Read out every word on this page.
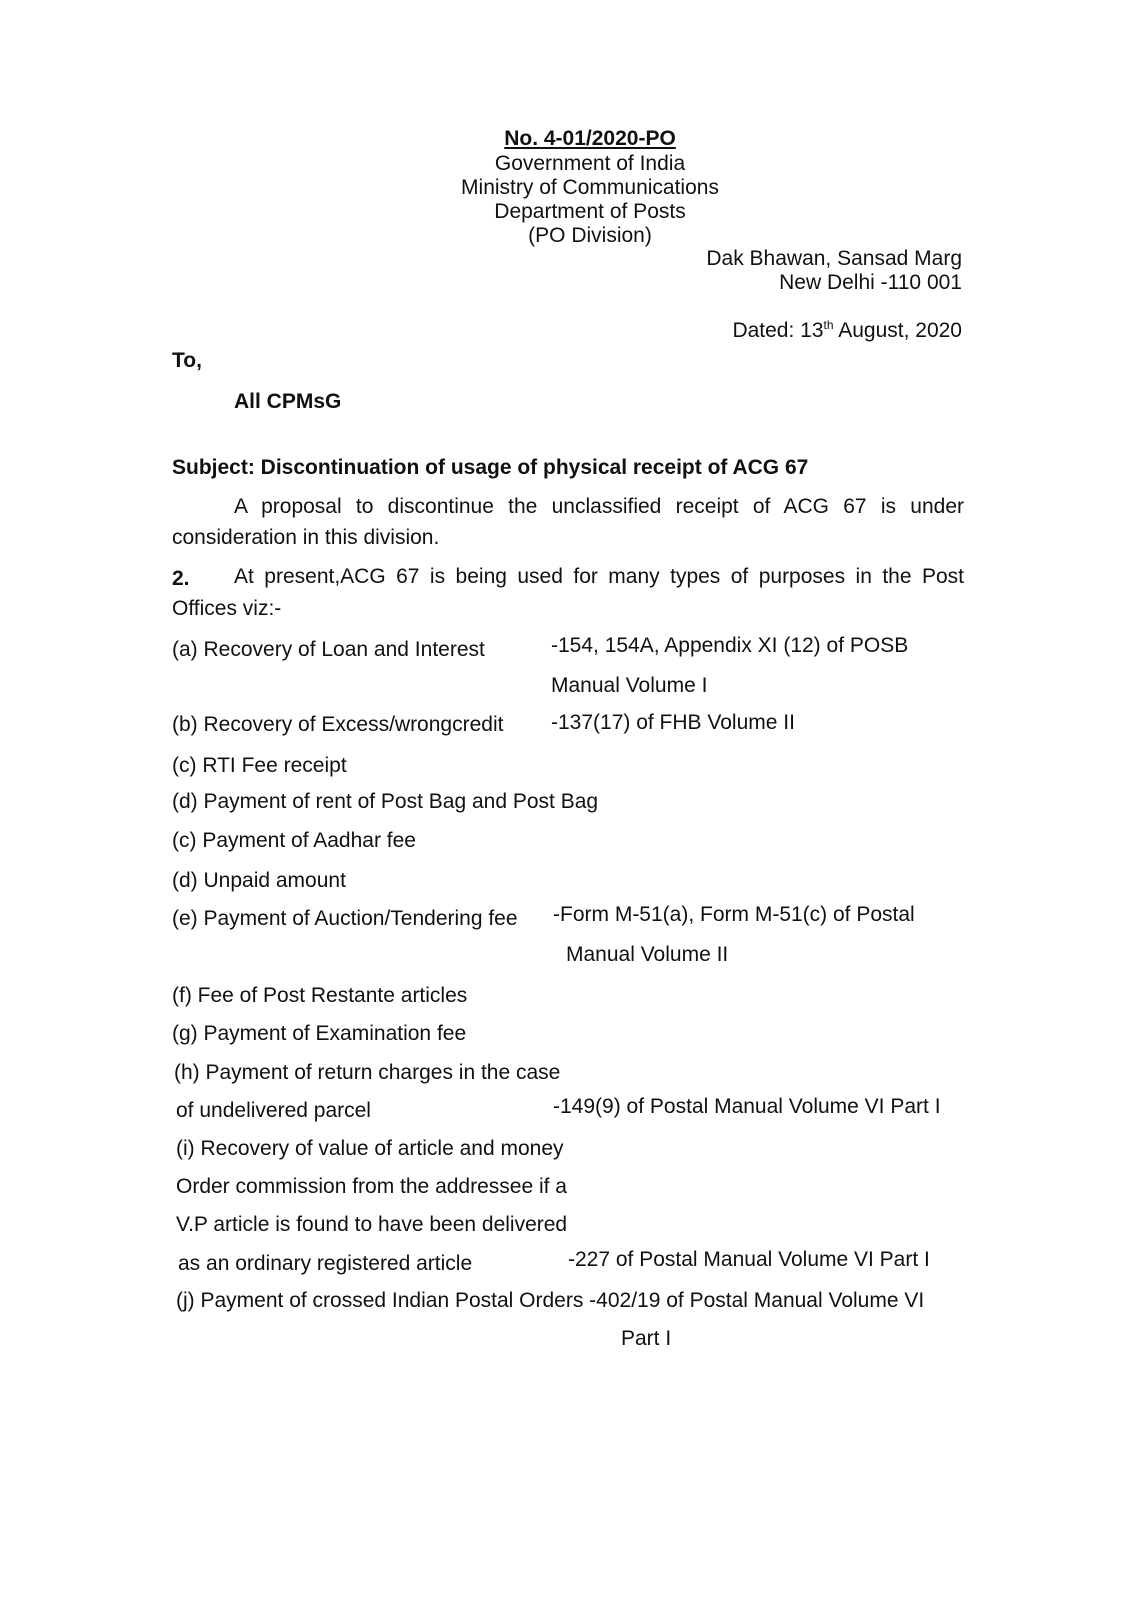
No. 4-01/2020-PO
Government of India
Ministry of Communications
Department of Posts
(PO Division)
Dak Bhawan, Sansad Marg
New Delhi -110 001
Dated: 13th August, 2020
To,
All CPMsG
Subject: Discontinuation of usage of physical receipt of ACG 67
A proposal to discontinue the unclassified receipt of ACG 67 is under
consideration in this division.
2. At present,ACG 67 is being used for many types of purposes in the Post
Offices viz:-
(a) Recovery of Loan and Interest	-154, 154A, Appendix XI (12) of POSB
Manual Volume I
(b) Recovery of Excess/wrongcredit -137(17) of FHB Volume II
(c) RTI Fee receipt
(d) Payment of rent of Post Bag and Post Bag
(c) Payment of Aadhar fee
(d) Unpaid amount
(e) Payment of Auction/Tendering fee -Form M-51(a), Form M-51(c) of Postal
Manual Volume II
(f) Fee of Post Restante articles
(g) Payment of Examination fee
(h) Payment of return charges in the case
of undelivered parcel	-149(9) of Postal Manual Volume VI Part I
(i) Recovery of value of article and money
Order commission from the addressee if a
V.P article is found to have been delivered
as an ordinary registered article	-227 of Postal Manual Volume VI Part I
(j) Payment of crossed Indian Postal Orders -402/19 of Postal Manual Volume VI
Part I
